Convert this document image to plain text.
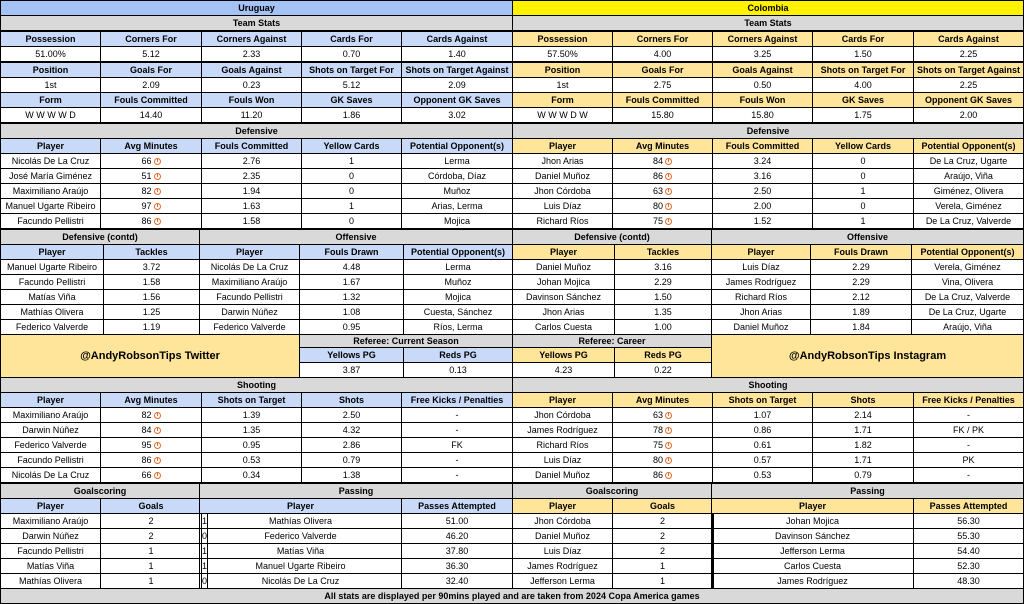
Uruguay
Team Stats
Possession	Corners For	Corners Against	Cards For	Cards Against
51.00%	5.12	2.33	0.70	1.40
Position	Goals For	Goals Against	Shots on Target For	Shots on Target Against
1st	2.09	0.23	5.12	2.09
Form	Fouls Committed	Fouls Won	GK Saves	Opponent GK Saves
W W W W D	14.40	11.20	1.86	3.02
Defensive
Player	Avg Minutes	Fouls Committed	Yellow Cards	Potential Opponent(s)
Nicolás De La Cruz	66	2.76	1	Lerma
José María Giménez	51	2.35	0	Córdoba, Díaz
Maximiliano Araújo	82	1.94	0	Muñoz
Manuel Ugarte Ribeiro	97	1.63	1	Arias, Lerma
Facundo Pellistri	86	1.58	0	Mojica
Defensive (contd)	Offensive
Player	Tackles	Player	Fouls Drawn	Potential Opponent(s)
Manuel Ugarte Ribeiro	3.72	Nicolás De La Cruz	4.48	Lerma
Facundo Pellistri	1.58	Maximiliano Araújo	1.67	Muñoz
Matías Viña	1.56	Facundo Pellistri	1.32	Mojica
Mathías Olivera	1.25	Darwin Núñez	1.08	Cuesta, Sánchez
Federico Valverde	1.19	Federico Valverde	0.95	Ríos, Lerma
Shooting
Player	Avg Minutes	Shots on Target	Shots	Free Kicks / Penalties
Maximiliano Araújo	82	1.39	2.50	-
Darwin Núñez	84	1.35	4.32	-
Federico Valverde	95	0.95	2.86	FK
Facundo Pellistri	86	0.53	0.79	-
Nicolás De La Cruz	66	0.34	1.38	-
Goalscoring	Passing
Player	Goals	Player	Passes Attempted
Maximiliano Araújo	2	1	Mathías Olivera	51.00
Darwin Núñez	2	0	Federico Valverde	46.20
Facundo Pellistri	1	1	Matías Viña	37.80
Matías Viña	1	1	Manuel Ugarte Ribeiro	36.30
Mathías Olivera	1	0	Nicolás De La Cruz	32.40
Colombia
Team Stats
Possession	Corners For	Corners Against	Cards For	Cards Against
57.50%	4.00	3.25	1.50	2.25
Position	Goals For	Goals Against	Shots on Target For	Shots on Target Against
1st	2.75	0.50	4.00	2.25
Form	Fouls Committed	Fouls Won	GK Saves	Opponent GK Saves
W W W D W	15.80	15.80	1.75	2.00
Defensive
Player	Avg Minutes	Fouls Committed	Yellow Cards	Potential Opponent(s)
Jhon Arias	84	3.24	0	De La Cruz, Ugarte
Daniel Muñoz	86	3.16	0	Araújo, Viña
Jhon Córdoba	63	2.50	1	Giménez, Olivera
Luis Díaz	80	2.00	0	Verela, Giménez
Richard Ríos	75	1.52	1	De La Cruz, Valverde
Defensive (contd)	Offensive
Player	Tackles	Player	Fouls Drawn	Potential Opponent(s)
Daniel Muñoz	3.16	Luis Díaz	2.29	Verela, Giménez
Johan Mojica	2.29	James Rodríguez	2.29	Vina, Olivera
Davinson Sánchez	1.50	Richard Ríos	2.12	De La Cruz, Valverde
Jhon Arias	1.35	Jhon Arias	1.89	De La Cruz, Ugarte
Carlos Cuesta	1.00	Daniel Muñoz	1.84	Araújo, Viña
Shooting
Player	Avg Minutes	Shots on Target	Shots	Free Kicks / Penalties
Jhon Córdoba	63	1.07	2.14	-
James Rodríguez	78	0.86	1.71	FK / PK
Richard Ríos	75	0.61	1.82	-
Luis Díaz	80	0.57	1.71	PK
Daniel Muñoz	86	0.53	0.79	-
Goalscoring	Passing
Player	Goals	Player	Passes Attempted
Jhon Córdoba	2	Johan Mojica	56.30
Daniel Muñoz	2	Davinson Sánchez	55.30
Luis Díaz	2	Jefferson Lerma	54.40
James Rodríguez	1	Carlos Cuesta	52.30
Jefferson Lerma	1	James Rodríguez	48.30
@AndyRobsonTips Twitter	@AndyRobsonTips Instagram
Referee: Current Season	Referee: Career
Yellows PG	Reds PG	Yellows PG	Reds PG
3.87	0.13	4.23	0.22
All stats are displayed per 90mins played and are taken from 2024 Copa America games
